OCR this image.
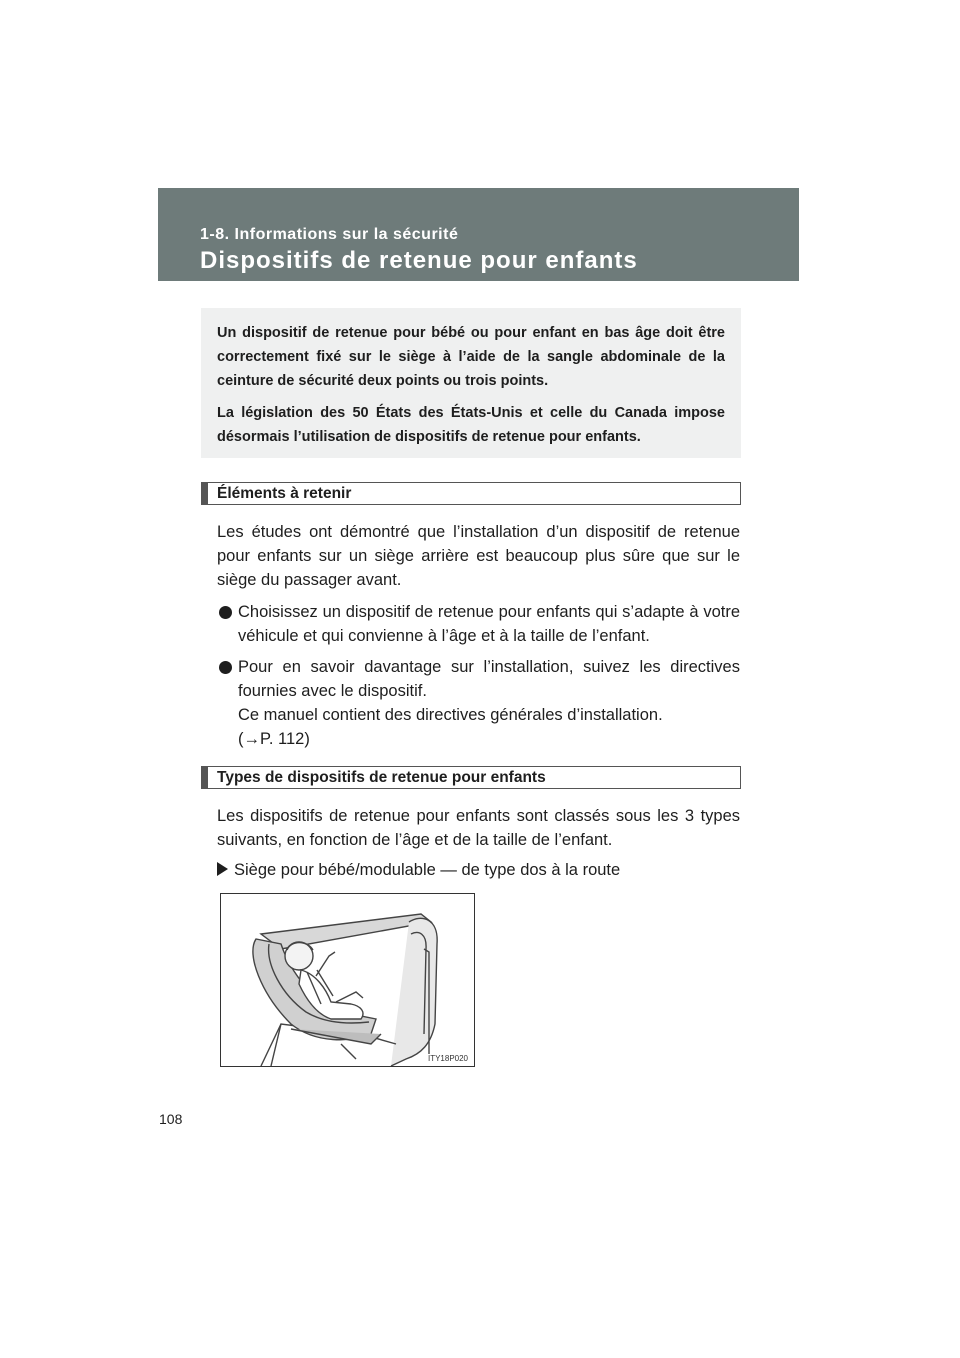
1-8. Informations sur la sécurité
Dispositifs de retenue pour enfants

Un dispositif de retenue pour bébé ou pour enfant en bas âge doit être correctement fixé sur le siège à l’aide de la sangle abdominale de la ceinture de sécurité deux points ou trois points.

La législation des 50 États des États-Unis et celle du Canada impose désormais l’utilisation de dispositifs de retenue pour enfants.

Éléments à retenir

Les études ont démontré que l’installation d’un dispositif de retenue pour enfants sur un siège arrière est beaucoup plus sûre que sur le siège du passager avant.

Choisissez un dispositif de retenue pour enfants qui s’adapte à votre véhicule et qui convienne à l’âge et à la taille de l’enfant.
Pour en savoir davantage sur l’installation, suivez les directives fournies avec le dispositif.
Ce manuel contient des directives générales d’installation.
(→P. 112)
Types de dispositifs de retenue pour enfants

Les dispositifs de retenue pour enfants sont classés sous les 3 types suivants, en fonction de l’âge et de la taille de l’enfant.

Siège pour bébé/modulable — de type dos à la route
ITY18P020
108
